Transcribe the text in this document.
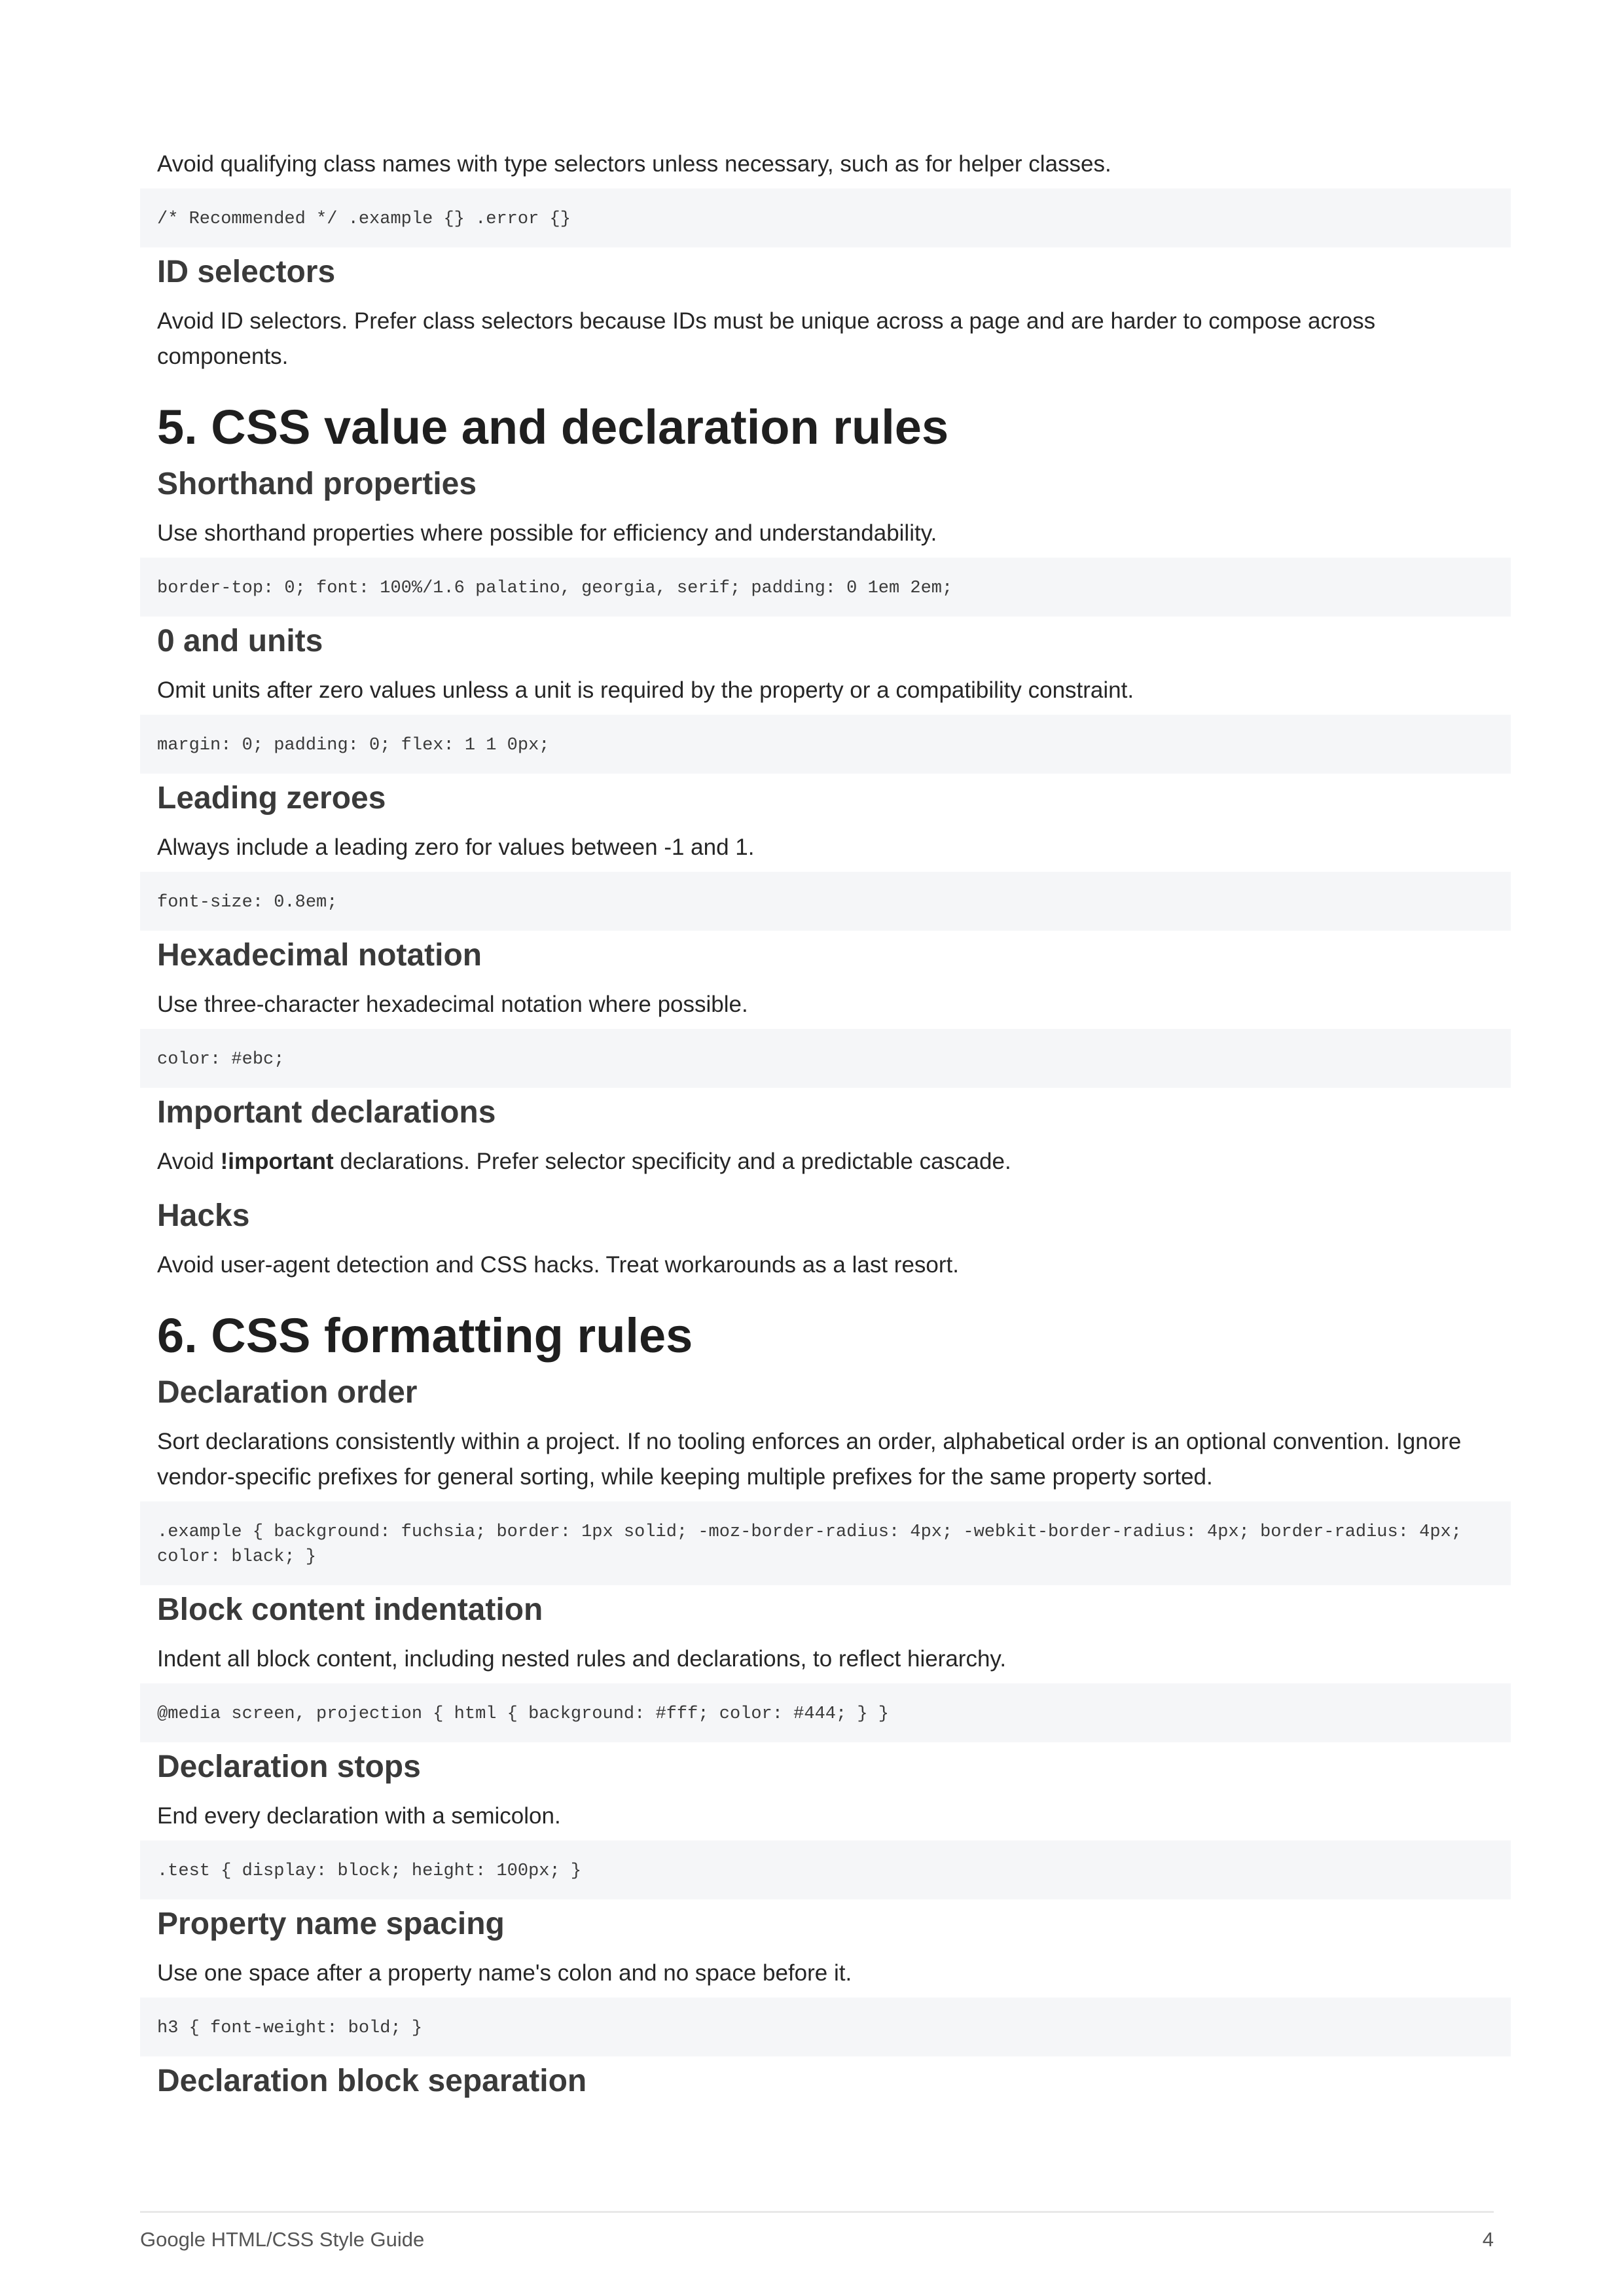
Avoid qualifying class names with type selectors unless necessary, such as for helper classes.

/* Recommended */ .example {} .error {}
ID selectors

Avoid ID selectors. Prefer class selectors because IDs must be unique across a page and are harder to compose across components.

5. CSS value and declaration rules
Shorthand properties

Use shorthand properties where possible for efficiency and understandability.

border-top: 0; font: 100%/1.6 palatino, georgia, serif; padding: 0 1em 2em;
0 and units

Omit units after zero values unless a unit is required by the property or a compatibility constraint.

margin: 0; padding: 0; flex: 1 1 0px;
Leading zeroes

Always include a leading zero for values between -1 and 1.

font-size: 0.8em;
Hexadecimal notation

Use three-character hexadecimal notation where possible.

color: #ebc;
Important declarations

Avoid !important declarations. Prefer selector specificity and a predictable cascade.

Hacks

Avoid user-agent detection and CSS hacks. Treat workarounds as a last resort.

6. CSS formatting rules
Declaration order

Sort declarations consistently within a project. If no tooling enforces an order, alphabetical order is an optional convention. Ignore vendor-specific prefixes for general sorting, while keeping multiple prefixes for the same property sorted.

.example { background: fuchsia; border: 1px solid; -moz-border-radius: 4px; -webkit-border-radius: 4px; border-radius: 4px; color: black; }
Block content indentation

Indent all block content, including nested rules and declarations, to reflect hierarchy.

@media screen, projection { html { background: #fff; color: #444; } }
Declaration stops

End every declaration with a semicolon.

.test { display: block; height: 100px; }
Property name spacing

Use one space after a property name's colon and no space before it.

h3 { font-weight: bold; }
Declaration block separation
Google HTML/CSS Style Guide	4
